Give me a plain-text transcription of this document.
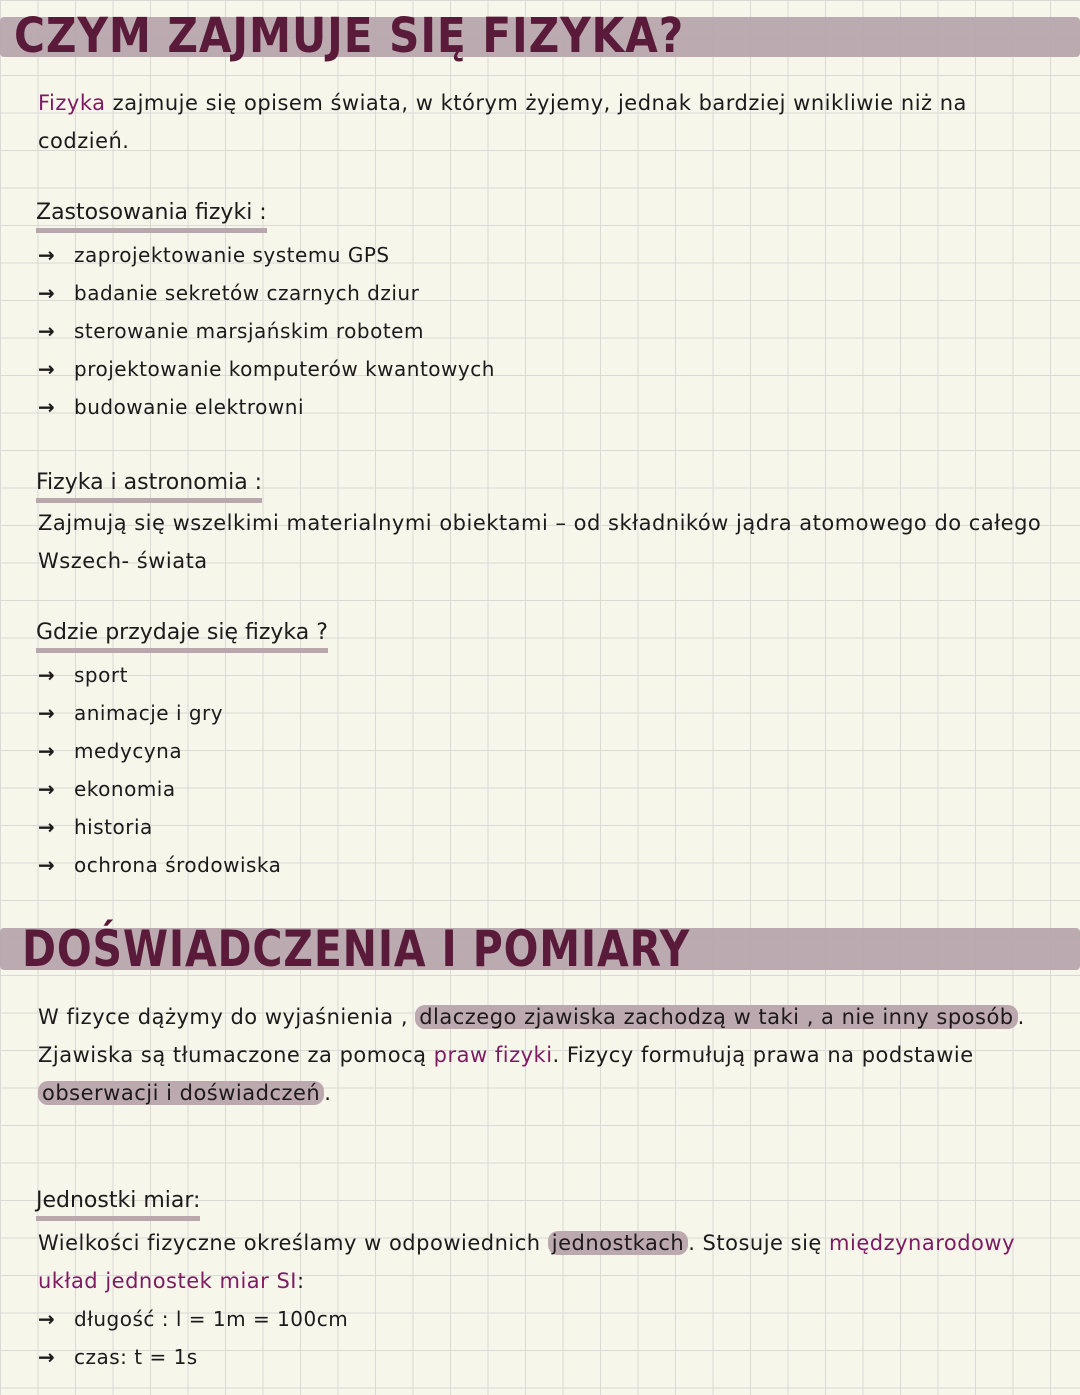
CZYM ZAJMUJE SIĘ FIZYKA?

Fizyka zajmuje się opisem świata, w którym żyjemy, jednak bardziej wnikliwie niż na codzień.

Zastosowania fizyki :
→ zaprojektowanie systemu GPS
→ badanie sekretów czarnych dziur
→ sterowanie marsjańskim robotem
→ projektowanie komputerów kwantowych
→ budowanie elektrowni
Fizyka i astronomia :

Zajmują się wszelkimi materialnymi obiektami – od składników jądra atomowego do całego Wszech- świata

Gdzie przydaje się fizyka ?
→ sport
→ animacje i gry
→ medycyna
→ ekonomia
→ historia
→ ochrona środowiska
DOŚWIADCZENIA I POMIARY

W fizyce dążymy do wyjaśnienia , dlaczego zjawiska zachodzą w taki , a nie inny sposób . Zjawiska są tłumaczone za pomocą praw fizyki. Fizycy formułują prawa na podstawie obserwacji i doświadczeń .

Jednostki miar:

Wielkości fizyczne określamy w odpowiednich jednostkach . Stosuje się międzynarodowy układ jednostek miar SI:

→ długość : l = 1m = 100cm
→ czas: t = 1s
